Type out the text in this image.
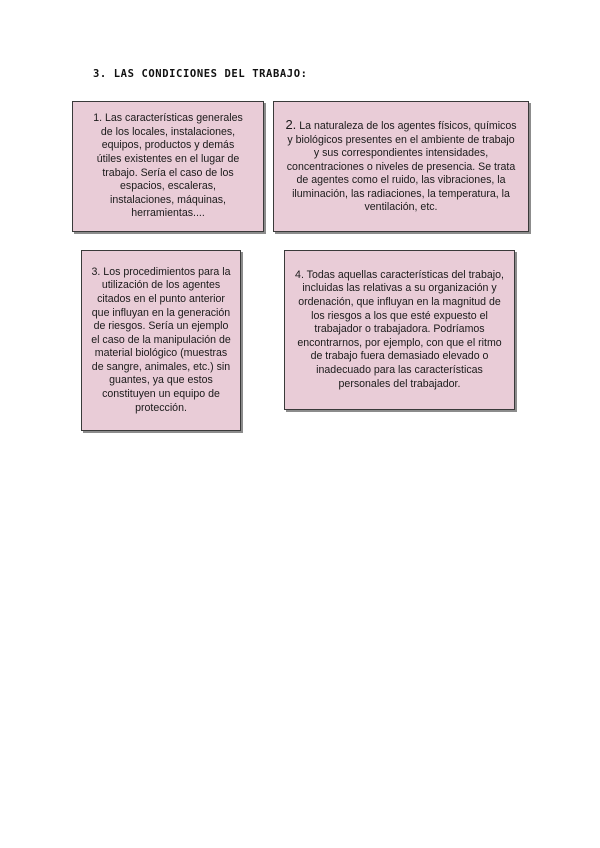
3. LAS CONDICIONES DEL TRABAJO:
1. Las características generales de los locales, instalaciones, equipos, productos y demás útiles existentes en el lugar de trabajo. Sería el caso de los espacios, escaleras, instalaciones, máquinas, herramientas....
2. La naturaleza de los agentes físicos, químicos y biológicos presentes en el ambiente de trabajo y sus correspondientes intensidades, concentraciones o niveles de presencia. Se trata de agentes como el ruido, las vibraciones, la iluminación, las radiaciones, la temperatura, la ventilación, etc.
3. Los procedimientos para la utilización de los agentes citados en el punto anterior que influyan en la generación de riesgos. Sería un ejemplo el caso de la manipulación de material biológico (muestras de sangre, animales, etc.) sin guantes, ya que estos constituyen un equipo de protección.
4. Todas aquellas características del trabajo, incluidas las relativas a su organización y ordenación, que influyan en la magnitud de los riesgos a los que esté expuesto el trabajador o trabajadora. Podríamos encontrarnos, por ejemplo, con que el ritmo de trabajo fuera demasiado elevado o inadecuado para las características personales del trabajador.
